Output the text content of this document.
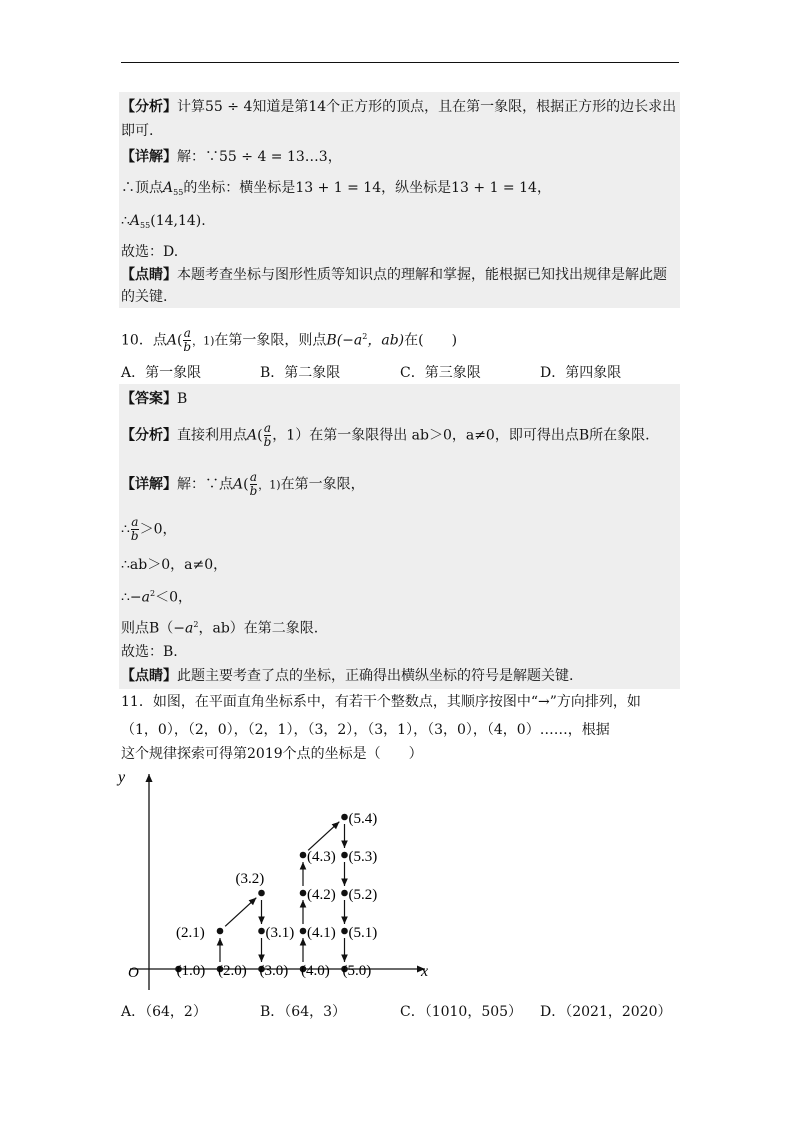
【分析】计算55 ÷ 4知道是第14个正方形的顶点，且在第一象限，根据正方形的边长求出
即可.
【详解】解：∵55 ÷ 4 = 13…3，
∴顶点$A_{55}$的坐标：横坐标是13 + 1 = 14，纵坐标是13 + 1 = 14，
$\therefore A_{55}(14,14)$.
故选：D.
【点睛】本题考查坐标与图形性质等知识点的理解和掌握，能根据已知找出规律是解此题
的关键.
10．点$A(\frac{a}{b}$ ，1)在第一象限，则点$B(-a^2$，ab)在(　　)
A．第一象限	B．第二象限	C．第三象限	D．第四象限
【答案】B
【分析】直接利用点$A(\frac{a}{b}$ ，1）在第一象限得出 ab＞0，a≠0，即可得出点B所在象限.
【详解】解：∵点$A(\frac{a}{b}$ ，1)在第一象限，
$\therefore\frac{a}{b} >0$，
∴ab＞0，a≠0，
$\therefore-a^2<0$，
则点$B(-a^2$，ab）在第二象限.
故选：B.
【点睛】此题主要考查了点的坐标，正确得出横纵坐标的符号是解题关键.
11．如图，在平面直角坐标系中，有若干个整数点，其顺序按图中“→”方向排列，如
（1，0），（2，0），（2，1），（3，2），（3，1），（3，0），（4，0）……，根据
这个规律探索可得第2019个点的坐标是（　　）
x
y
O	(1.0) (2.0) (3.0) (4.0) (5.0)
(2.1)
(3.2)
(3.1) (4.1)
(4.2)
(4.3)
(5.4)
(5.3)
(5.2)
(5.1)
A．（64，2）	B．（64，3）	C．（1010，505） D．（2021，2020）
